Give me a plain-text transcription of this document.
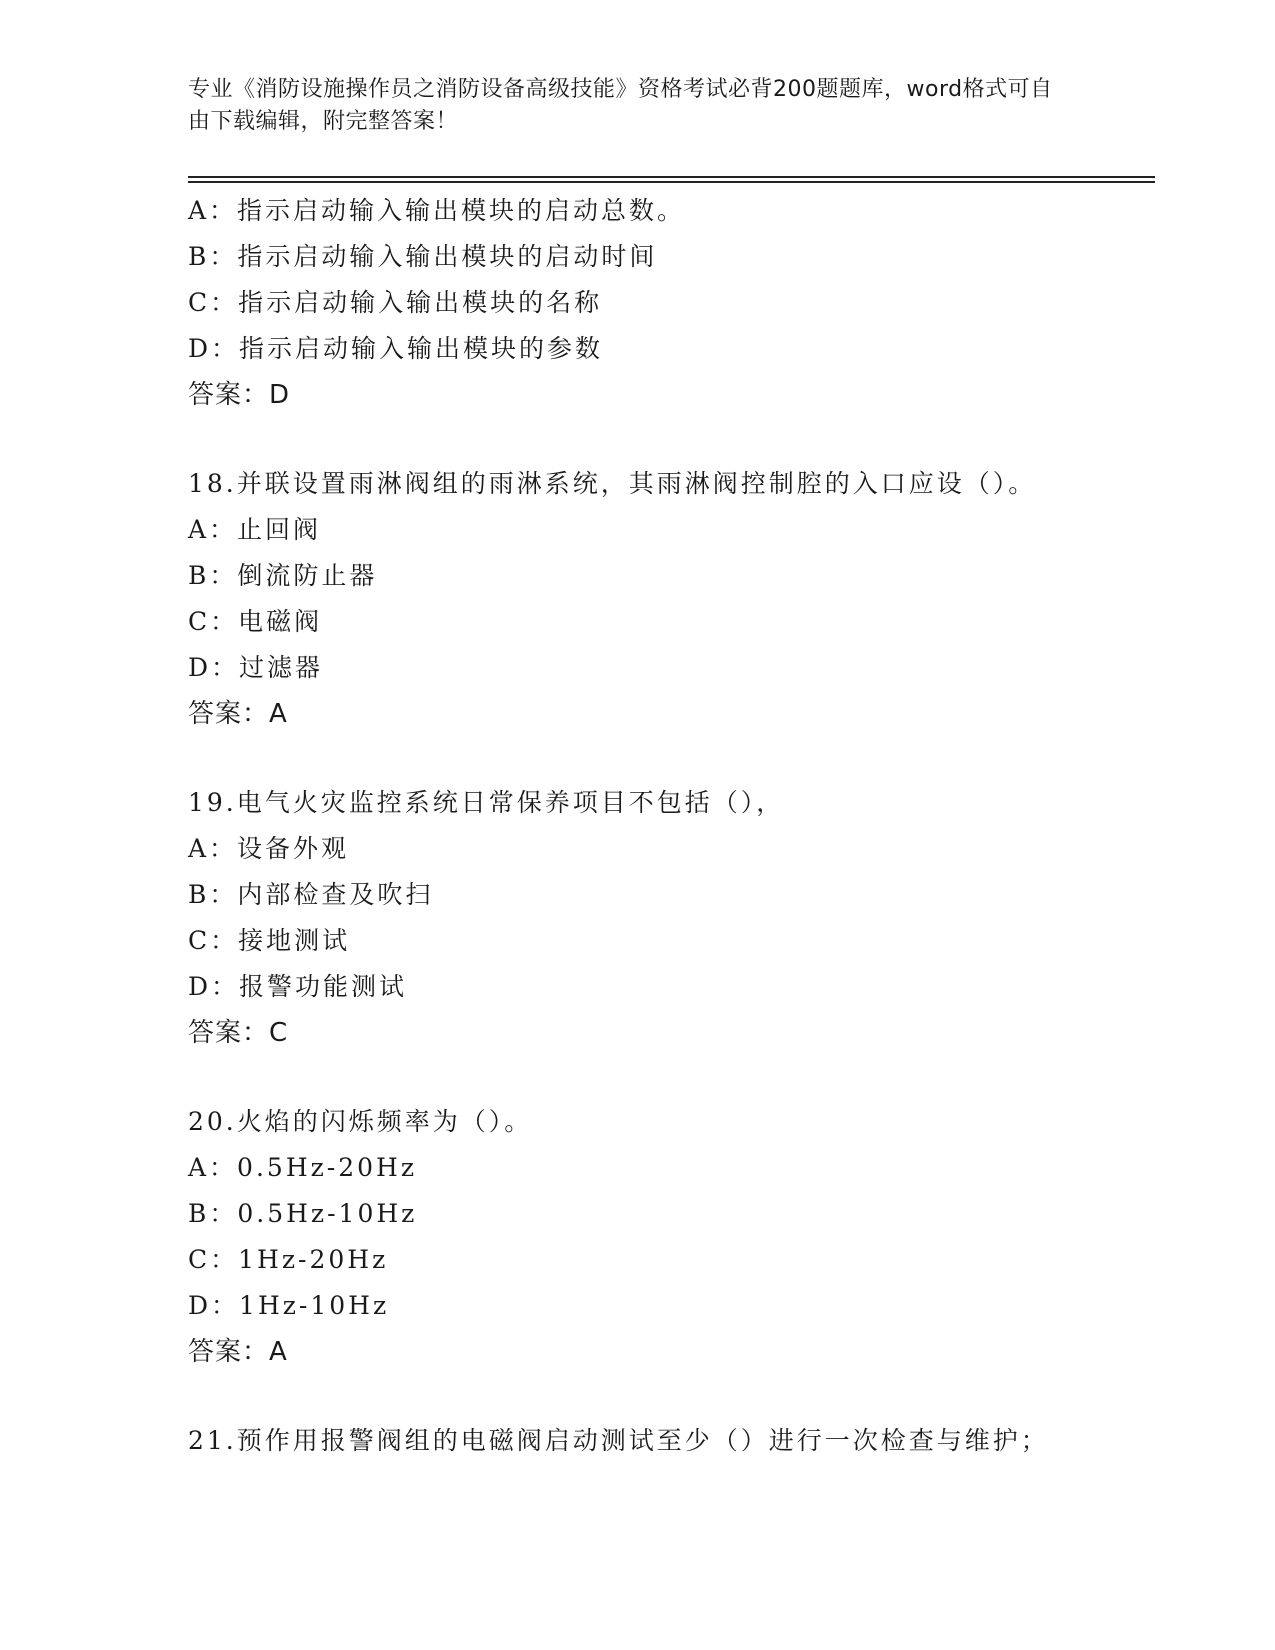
专业《消防设施操作员之消防设备高级技能》资格考试必背200题题库，word格式可自由下载编辑，附完整答案！
A：指示启动输入输出模块的启动总数。
B：指示启动输入输出模块的启动时间
C：指示启动输入输出模块的名称
D：指示启动输入输出模块的参数
答案：D
18.并联设置雨淋阀组的雨淋系统，其雨淋阀控制腔的入口应设（）。
A：止回阀
B：倒流防止器
C：电磁阀
D：过滤器
答案：A
19.电气火灾监控系统日常保养项目不包括（），
A：设备外观
B：内部检查及吹扫
C：接地测试
D：报警功能测试
答案：C
20.火焰的闪烁频率为（）。
A：0.5Hz-20Hz
B：0.5Hz-10Hz
C：1Hz-20Hz
D：1Hz-10Hz
答案：A
21.预作用报警阀组的电磁阀启动测试至少（）进行一次检查与维护；
